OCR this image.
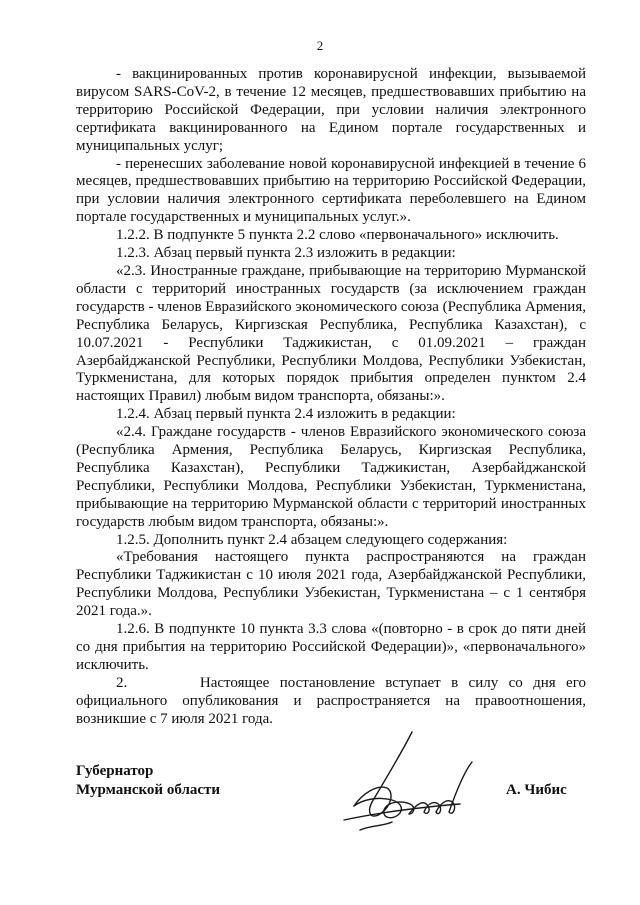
2

- вакцинированных против коронавирусной инфекции, вызываемой вирусом SARS-CoV-2, в течение 12 месяцев, предшествовавших прибытию на территорию Российской Федерации, при условии наличия электронного сертификата вакцинированного на Едином портале государственных и муниципальных услуг;

- перенесших заболевание новой коронавирусной инфекцией в течение 6 месяцев, предшествовавших прибытию на территорию Российской Федерации, при условии наличия электронного сертификата переболевшего на Едином портале государственных и муниципальных услуг.».

1.2.2. В подпункте 5 пункта 2.2 слово «первоначального» исключить.

1.2.3. Абзац первый пункта 2.3 изложить в редакции:

«2.3. Иностранные граждане, прибывающие на территорию Мурманской области с территорий иностранных государств (за исключением граждан государств - членов Евразийского экономического союза (Республика Армения, Республика Беларусь, Киргизская Республика, Республика Казахстан), с 10.07.2021 - Республики Таджикистан, с 01.09.2021 – граждан Азербайджанской Республики, Республики Молдова, Республики Узбекистан, Туркменистана, для которых порядок прибытия определен пунктом 2.4 настоящих Правил) любым видом транспорта, обязаны:».

1.2.4. Абзац первый пункта 2.4 изложить в редакции:

«2.4. Граждане государств - членов Евразийского экономического союза (Республика Армения, Республика Беларусь, Киргизская Республика, Республика Казахстан), Республики Таджикистан, Азербайджанской Республики, Республики Молдова, Республики Узбекистан, Туркменистана, прибывающие на территорию Мурманской области с территорий иностранных государств любым видом транспорта, обязаны:».

1.2.5. Дополнить пункт 2.4 абзацем следующего содержания:

«Требования настоящего пункта распространяются на граждан Республики Таджикистан с 10 июля 2021 года, Азербайджанской Республики, Республики Молдова, Республики Узбекистан, Туркменистана – с 1 сентября 2021 года.».

1.2.6. В подпункте 10 пункта 3.3 слова «(повторно - в срок до пяти дней со дня прибытия на территорию Российской Федерации)», «первоначального» исключить.

2.       Настоящее постановление вступает в силу со дня его официального опубликования и распространяется на правоотношения, возникшие с 7 июля 2021 года.

Губернатор
Мурманской области	А. Чибис
